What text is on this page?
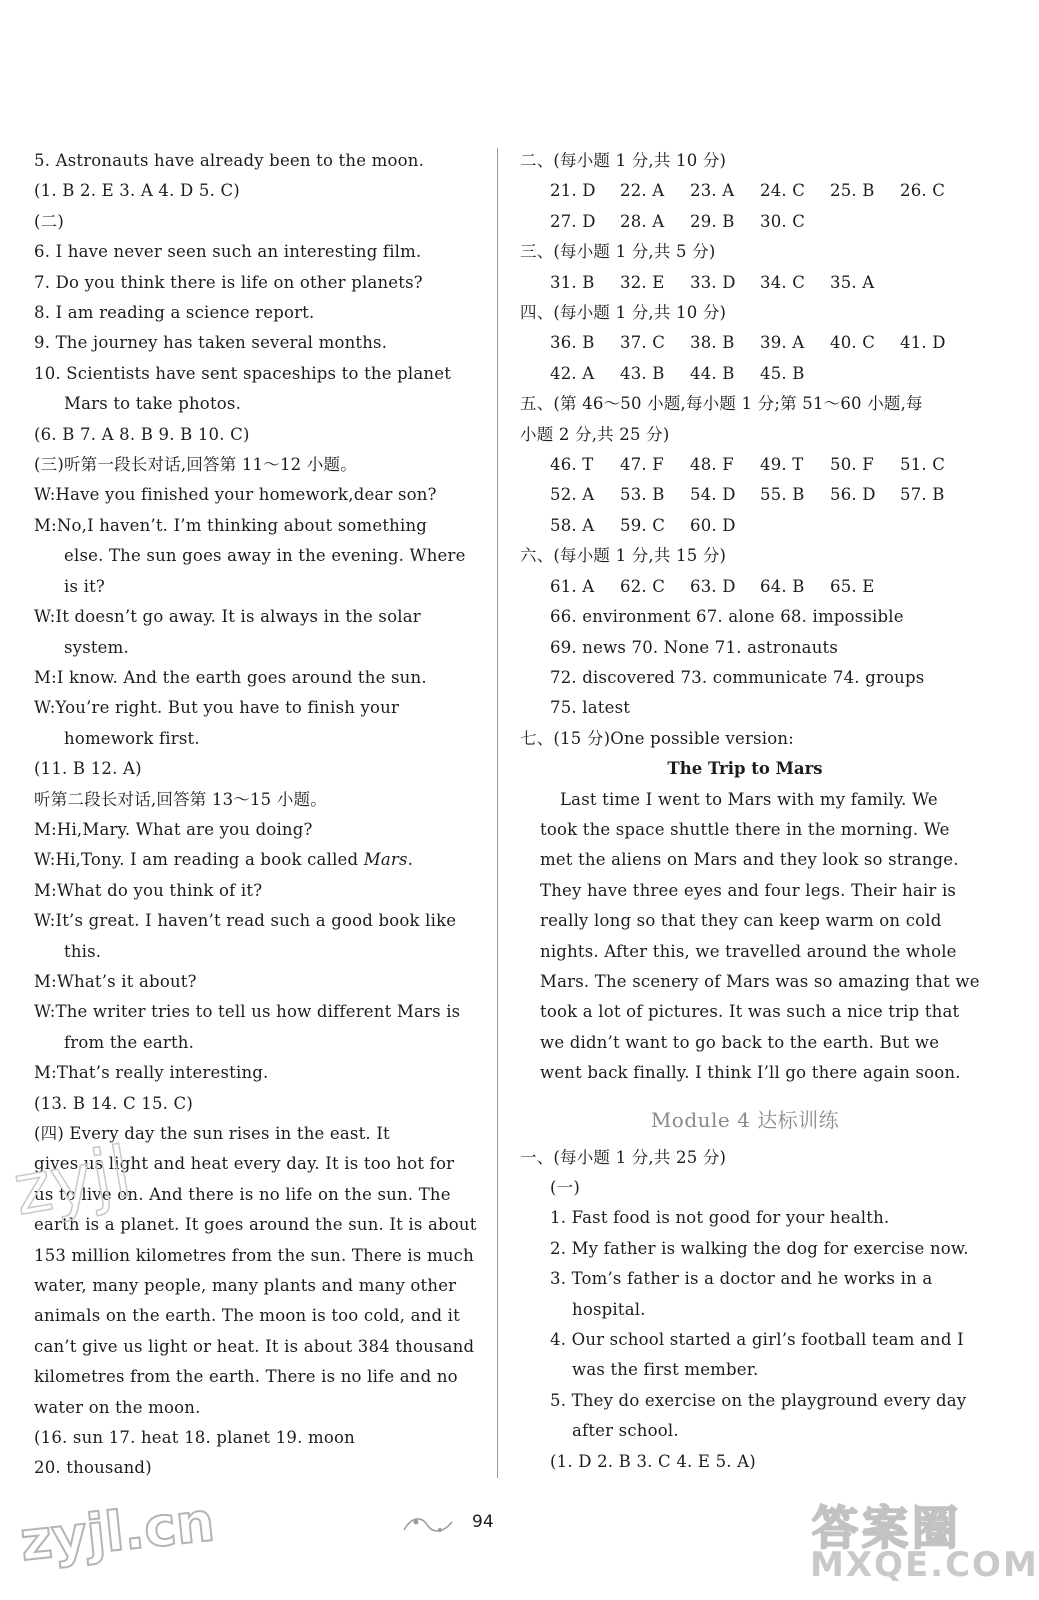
5. Astronauts have already been to the moon.
(1. B 2. E 3. A 4. D 5. C)
(二)
6. I have never seen such an interesting film.
7. Do you think there is life on other planets?
8. I am reading a science report.
9. The journey has taken several months.
10. Scientists have sent spaceships to the planet
Mars to take photos.
(6. B 7. A 8. B 9. B 10. C)
(三)听第一段长对话,回答第 11～12 小题。
W:Have you finished your homework,dear son?
M:No,I haven’t. I’m thinking about something
else. The sun goes away in the evening. Where
is it?
W:It doesn’t go away. It is always in the solar
system.
M:I know. And the earth goes around the sun.
W:You’re right. But you have to finish your
homework first.
(11. B 12. A)
听第二段长对话,回答第 13～15 小题。
M:Hi,Mary. What are you doing?
W:Hi,Tony. I am reading a book called Mars.
M:What do you think of it?
W:It’s great. I haven’t read such a good book like
this.
M:What’s it about?
W:The writer tries to tell us how different Mars is
from the earth.
M:That’s really interesting.
(13. B 14. C 15. C)
(四) Every day the sun rises in the east. It
gives us light and heat every day. It is too hot for
us to live on. And there is no life on the sun. The
earth is a planet. It goes around the sun. It is about
153 million kilometres from the sun. There is much
water, many people, many plants and many other
animals on the earth. The moon is too cold, and it
can’t give us light or heat. It is about 384 thousand
kilometres from the earth. There is no life and no
water on the moon.
(16. sun 17. heat 18. planet 19. moon
20. thousand)
二、(每小题 1 分,共 10 分)
21. D 22. A 23. A 24. C 25. B 26. C
27. D 28. A 29. B 30. C
三、(每小题 1 分,共 5 分)
31. B 32. E 33. D 34. C 35. A
四、(每小题 1 分,共 10 分)
36. B 37. C 38. B 39. A 40. C 41. D
42. A 43. B 44. B 45. B
五、(第 46～50 小题,每小题 1 分;第 51～60 小题,每
小题 2 分,共 25 分)
46. T 47. F 48. F 49. T 50. F 51. C
52. A 53. B 54. D 55. B 56. D 57. B
58. A 59. C 60. D
六、(每小题 1 分,共 15 分)
61. A 62. C 63. D 64. B 65. E
66. environment 67. alone 68. impossible
69. news 70. None 71. astronauts
72. discovered 73. communicate 74. groups
75. latest
七、(15 分)One possible version:
The Trip to Mars
Last time I went to Mars with my family. We
took the space shuttle there in the morning. We
met the aliens on Mars and they look so strange.
They have three eyes and four legs. Their hair is
really long so that they can keep warm on cold
nights. After this, we travelled around the whole
Mars. The scenery of Mars was so amazing that we
took a lot of pictures. It was such a nice trip that
we didn’t want to go back to the earth. But we
went back finally. I think I’ll go there again soon.
Module 4 达标训练
一、(每小题 1 分,共 25 分)
(一)
1. Fast food is not good for your health.
2. My father is walking the dog for exercise now.
3. Tom’s father is a doctor and he works in a
hospital.
4. Our school started a girl’s football team and I
was the first member.
5. They do exercise on the playground every day
after school.
(1. D 2. B 3. C 4. E 5. A)
94
zyjl
zyjl.cn	答案圈
MXQE.COM
